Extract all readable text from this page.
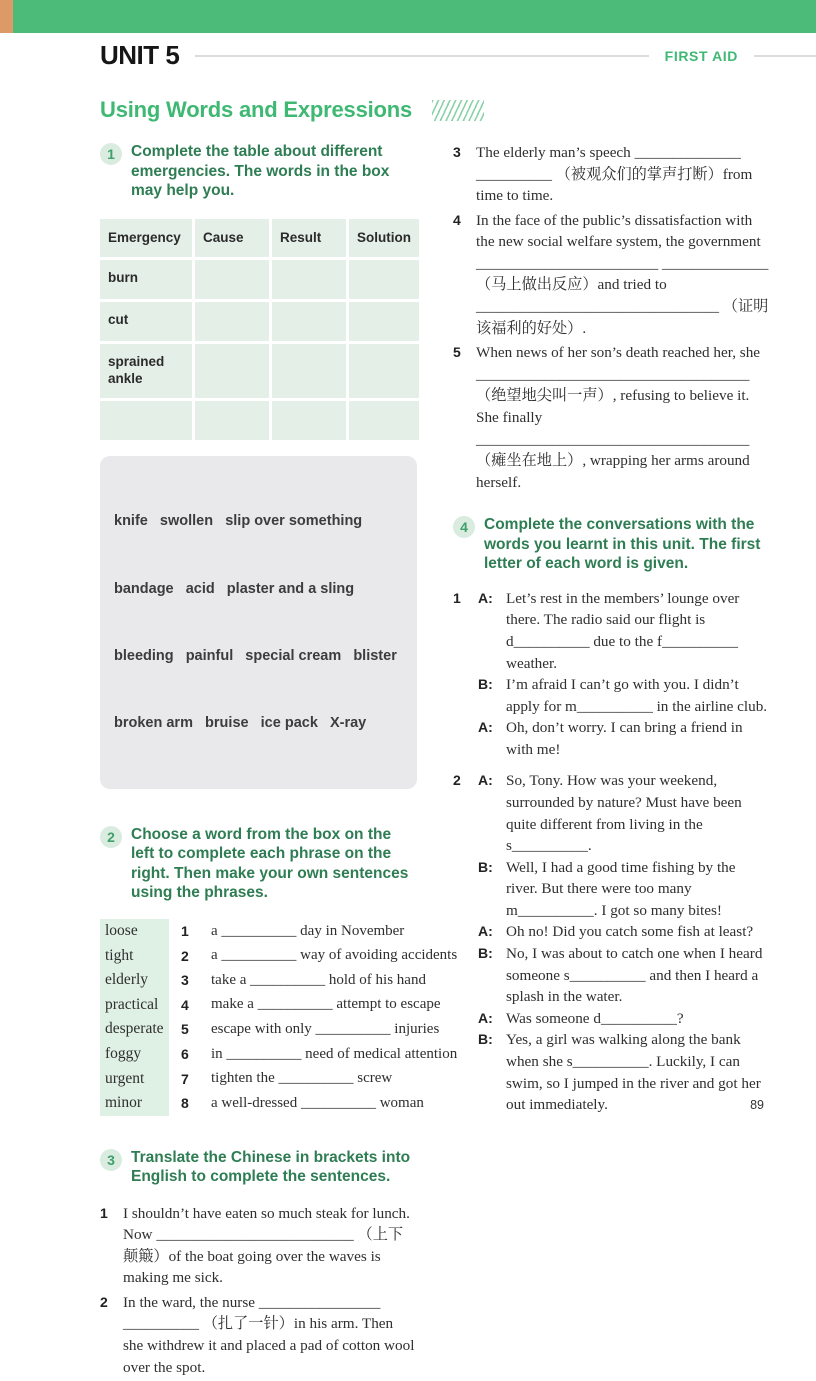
UNIT 5	FIRST AID
Using Words and Expressions
1	Complete the table about different emergencies. The words in the box may help you.
Emergency	Cause	Result	Solution
burn
cut
sprained ankle

knife   swollen   slip over something

bandage   acid   plaster and a sling

bleeding   painful   special cream   blister

broken arm   bruise   ice pack   X-ray

2	Choose a word from the box on the left to complete each phrase on the right. Then make your own sentences using the phrases.
loose	1	a __________ day in November
tight	2	a __________ way of avoiding accidents
elderly	3	take a __________ hold of his hand
practical	4	make a __________ attempt to escape
desperate	5	escape with only __________ injuries
foggy	6	in __________ need of medical attention
urgent	7	tighten the __________ screw
minor	8	a well-dressed __________ woman
3	Translate the Chinese in brackets into English to complete the sentences.
1	I shouldn’t have eaten so much steak for lunch. Now __________________________ （上下颠簸）of the boat going over the waves is making me sick.
2	In the ward, the nurse ________________ __________ （扎了一针）in his arm. Then she withdrew it and placed a pad of cotton wool over the spot.
3	The elderly man’s speech ______________ __________ （被观众们的掌声打断）from time to time.
4	In the face of the public’s dissatisfaction with the new social welfare system, the government ________________________ ______________ （马上做出反应）and tried to ________________________________ （证明该福利的好处）.
5	When news of her son’s death reached her, she ____________________________________ （绝望地尖叫一声）, refusing to believe it. She finally ____________________________________ （瘫坐在地上）, wrapping her arms around herself.
4	Complete the conversations with the words you learnt in this unit. The first letter of each word is given.
1	A: Let’s rest in the members’ lounge over there. The radio said our flight is d__________ due to the f__________ weather.
B: I’m afraid I can’t go with you. I didn’t apply for m__________ in the airline club.
A: Oh, don’t worry. I can bring a friend in with me!
2	A: So, Tony. How was your weekend, surrounded by nature? Must have been quite different from living in the s__________.
B: Well, I had a good time fishing by the river. But there were too many m__________. I got so many bites!
A: Oh no! Did you catch some fish at least?
B: No, I was about to catch one when I heard someone s__________ and then I heard a splash in the water.
A: Was someone d__________?
B: Yes, a girl was walking along the bank when she s__________. Luckily, I can swim, so I jumped in the river and got her out immediately.	89
